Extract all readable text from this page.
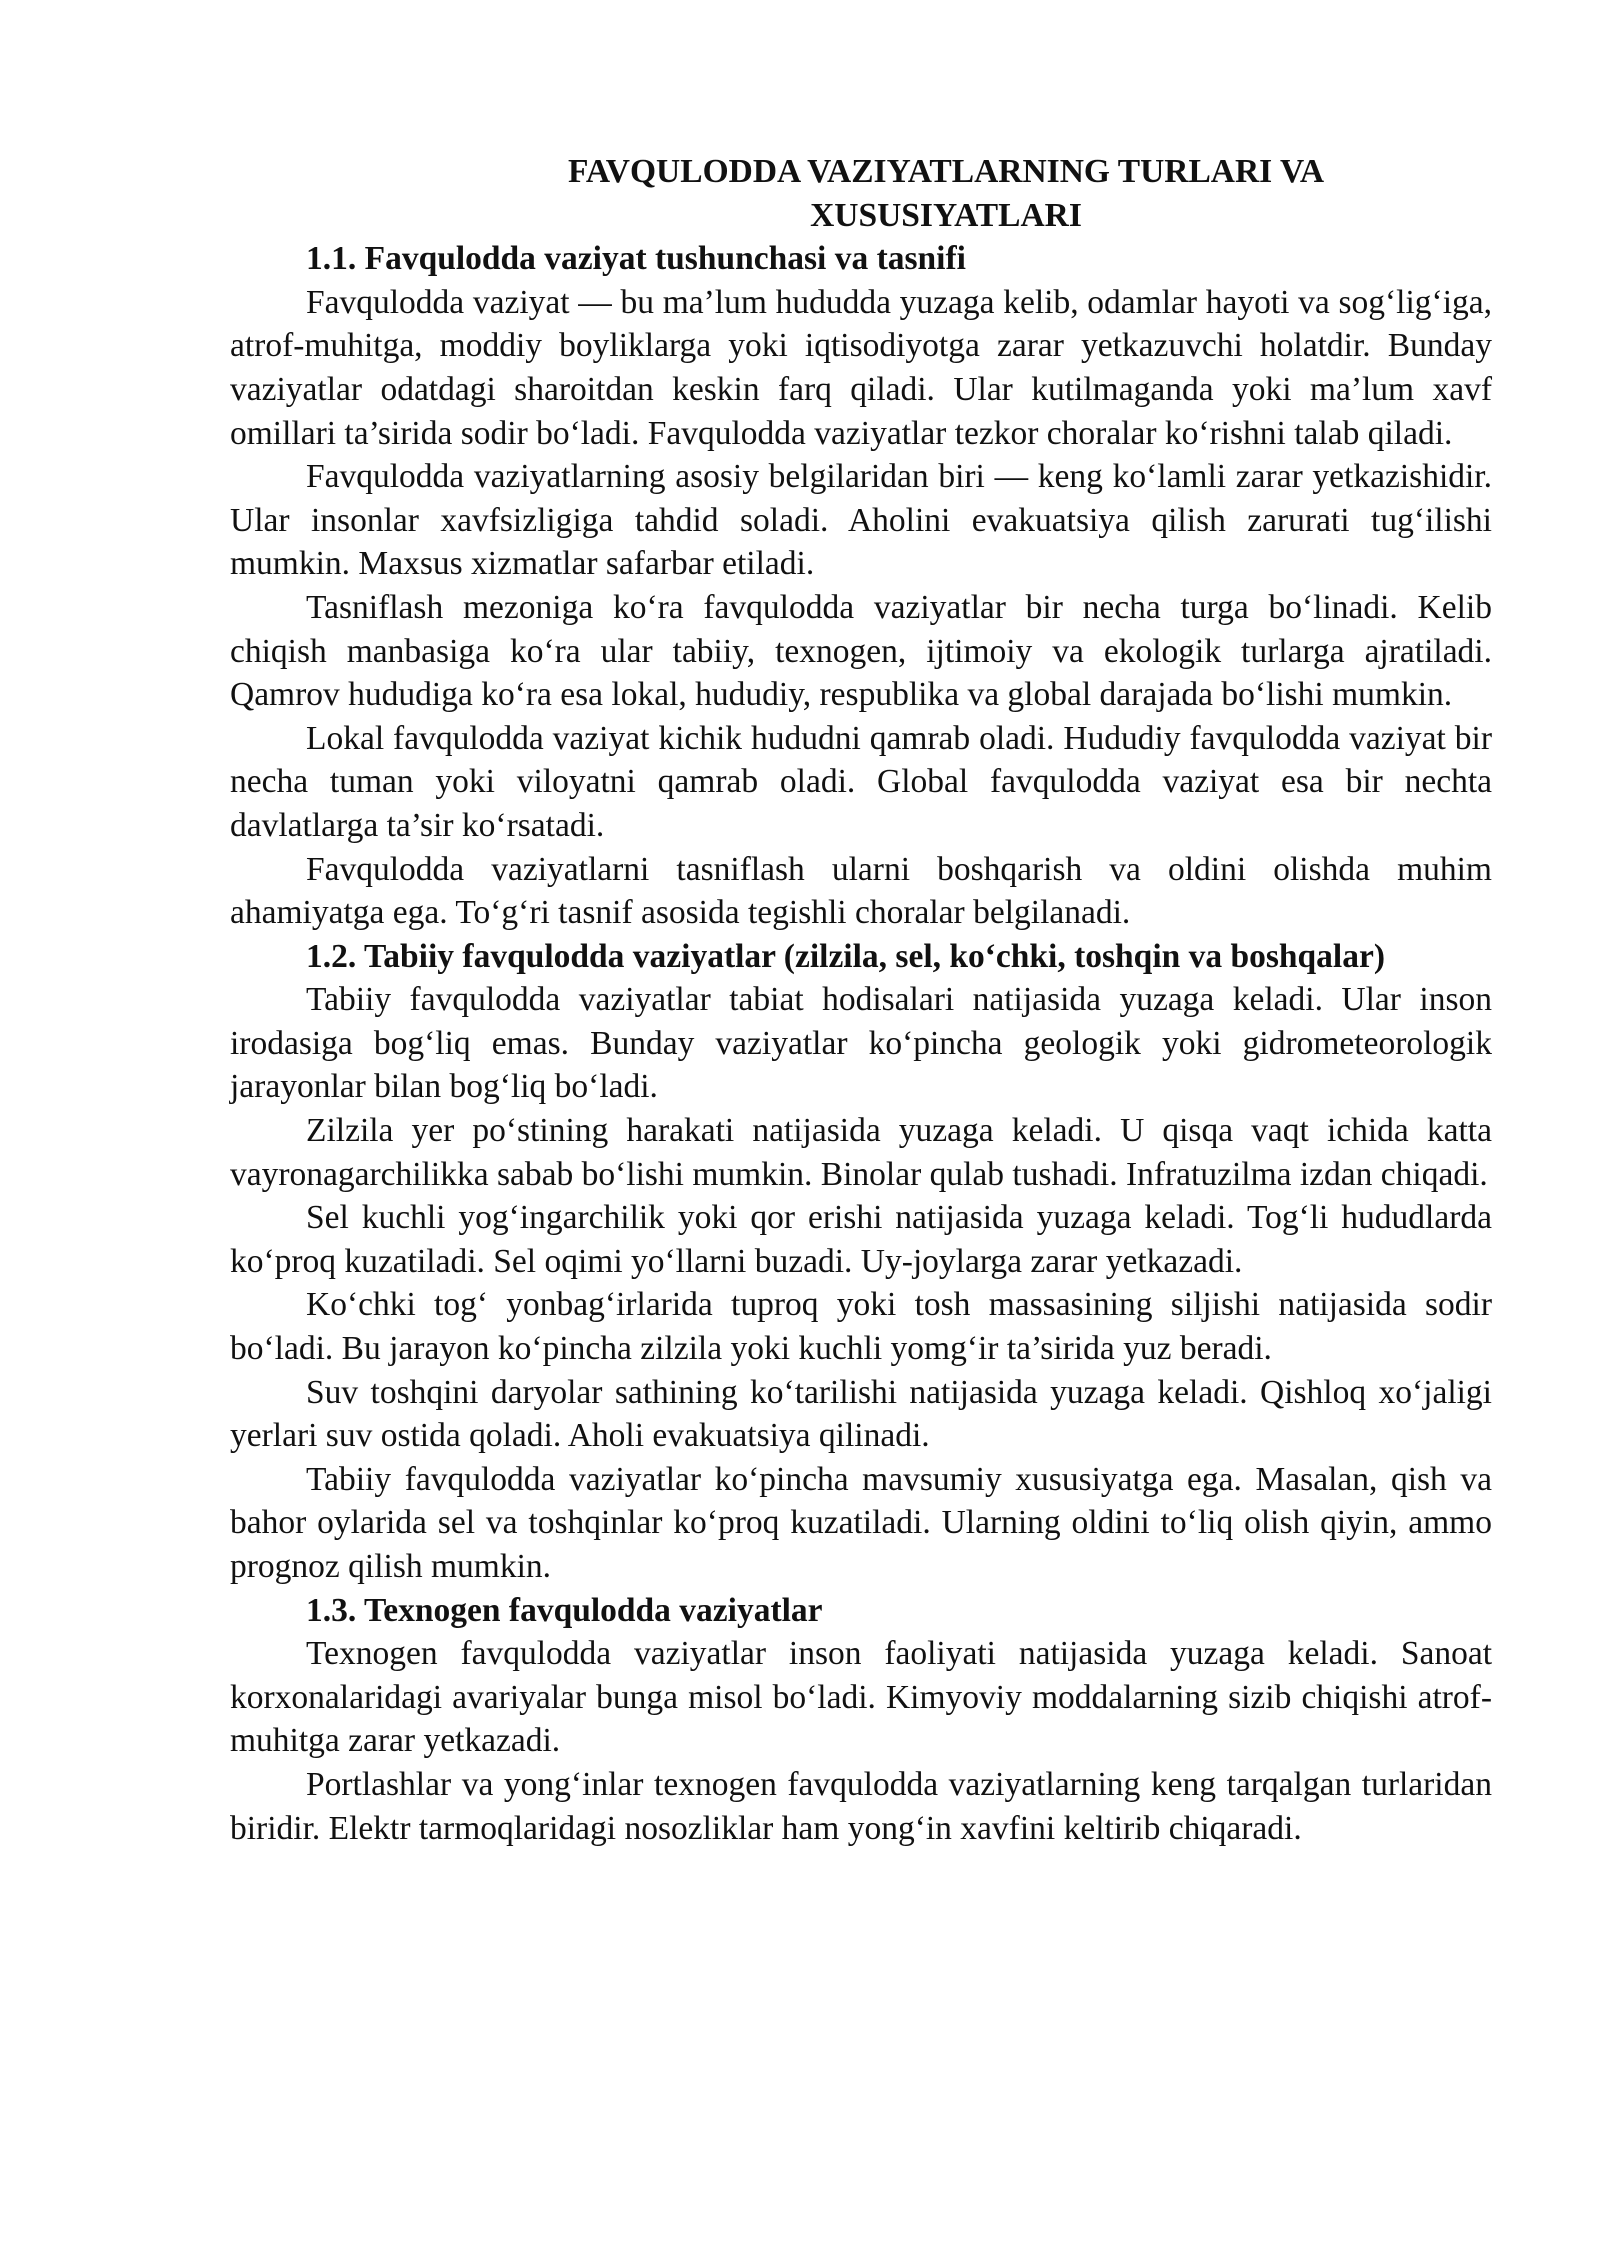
FAVQULODDA VAZIYATLARNING TURLARI VA
XUSUSIYATLARI
1.1. Favqulodda vaziyat tushunchasi va tasnifi

Favqulodda vaziyat — bu ma’lum hududda yuzaga kelib, odamlar hayoti va sog‘lig‘iga, atrof-muhitga, moddiy boyliklarga yoki iqtisodiyotga zarar yetkazuvchi holatdir. Bunday vaziyatlar odatdagi sharoitdan keskin farq qiladi. Ular kutilmaganda yoki ma’lum xavf omillari ta’sirida sodir bo‘ladi. Favqulodda vaziyatlar tezkor choralar ko‘rishni talab qiladi.

Favqulodda vaziyatlarning asosiy belgilaridan biri — keng ko‘lamli zarar yetkazishidir. Ular insonlar xavfsizligiga tahdid soladi. Aholini evakuatsiya qilish zarurati tug‘ilishi mumkin. Maxsus xizmatlar safarbar etiladi.

Tasniflash mezoniga ko‘ra favqulodda vaziyatlar bir necha turga bo‘linadi. Kelib chiqish manbasiga ko‘ra ular tabiiy, texnogen, ijtimoiy va ekologik turlarga ajratiladi. Qamrov hududiga ko‘ra esa lokal, hududiy, respublika va global darajada bo‘lishi mumkin.

Lokal favqulodda vaziyat kichik hududni qamrab oladi. Hududiy favqulodda vaziyat bir necha tuman yoki viloyatni qamrab oladi. Global favqulodda vaziyat esa bir nechta davlatlarga ta’sir ko‘rsatadi.

Favqulodda vaziyatlarni tasniflash ularni boshqarish va oldini olishda muhim ahamiyatga ega. To‘g‘ri tasnif asosida tegishli choralar belgilanadi.

1.2. Tabiiy favqulodda vaziyatlar (zilzila, sel, ko‘chki, toshqin va boshqalar)

Tabiiy favqulodda vaziyatlar tabiat hodisalari natijasida yuzaga keladi. Ular inson irodasiga bog‘liq emas. Bunday vaziyatlar ko‘pincha geologik yoki gidrometeorologik jarayonlar bilan bog‘liq bo‘ladi.

Zilzila yer po‘stining harakati natijasida yuzaga keladi. U qisqa vaqt ichida katta vayronagarchilikka sabab bo‘lishi mumkin. Binolar qulab tushadi. Infratuzilma izdan chiqadi.

Sel kuchli yog‘ingarchilik yoki qor erishi natijasida yuzaga keladi. Tog‘li hududlarda ko‘proq kuzatiladi. Sel oqimi yo‘llarni buzadi. Uy-joylarga zarar yetkazadi.

Ko‘chki tog‘ yonbag‘irlarida tuproq yoki tosh massasining siljishi natijasida sodir bo‘ladi. Bu jarayon ko‘pincha zilzila yoki kuchli yomg‘ir ta’sirida yuz beradi.

Suv toshqini daryolar sathining ko‘tarilishi natijasida yuzaga keladi. Qishloq xo‘jaligi yerlari suv ostida qoladi. Aholi evakuatsiya qilinadi.

Tabiiy favqulodda vaziyatlar ko‘pincha mavsumiy xususiyatga ega. Masalan, qish va bahor oylarida sel va toshqinlar ko‘proq kuzatiladi. Ularning oldini to‘liq olish qiyin, ammo prognoz qilish mumkin.

1.3. Texnogen favqulodda vaziyatlar

Texnogen favqulodda vaziyatlar inson faoliyati natijasida yuzaga keladi. Sanoat korxonalaridagi avariyalar bunga misol bo‘ladi. Kimyoviy moddalarning sizib chiqishi atrof-muhitga zarar yetkazadi.

Portlashlar va yong‘inlar texnogen favqulodda vaziyatlarning keng tarqalgan turlaridan biridir. Elektr tarmoqlaridagi nosozliklar ham yong‘in xavfini keltirib chiqaradi.
